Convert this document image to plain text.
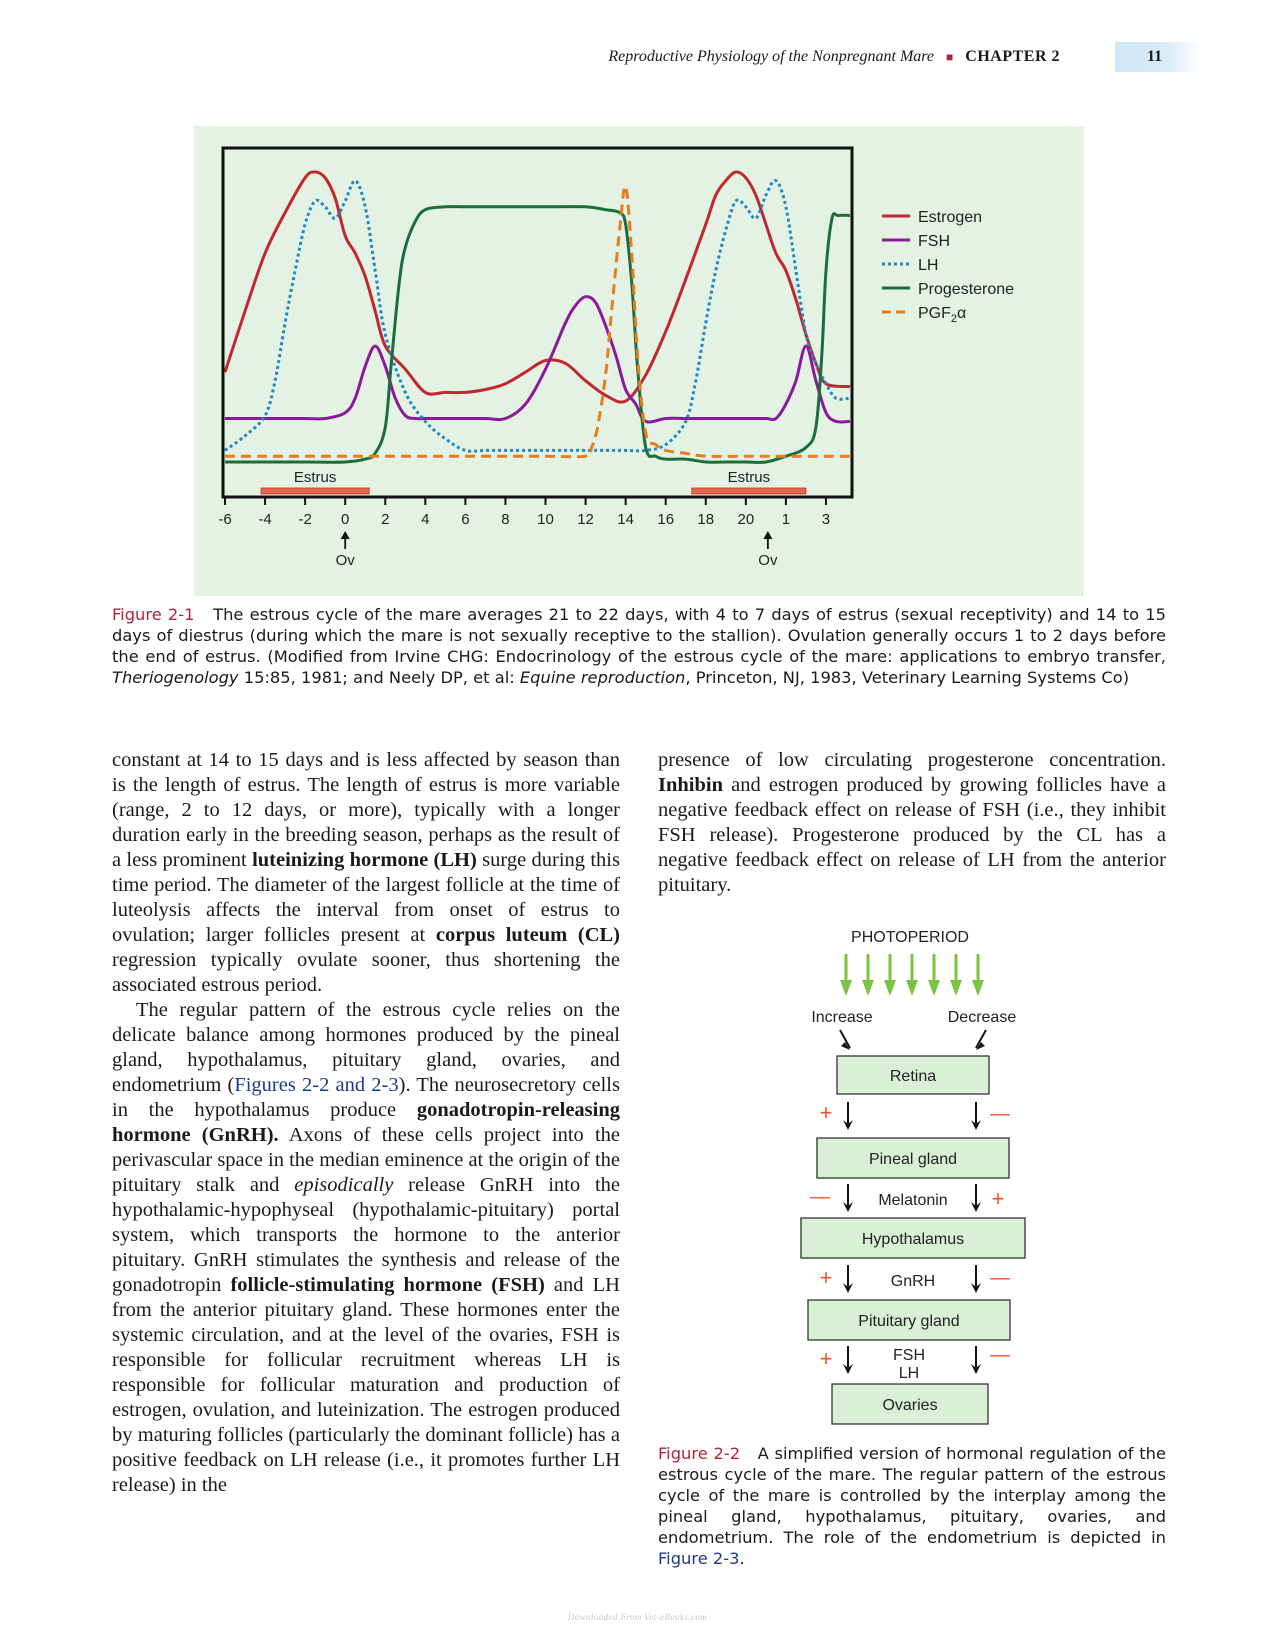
Reproductive Physiology of the Nonpregnant Mare ■ CHAPTER 2	11
-6 -4 -2 0 2 4 6 8 10 12 14 16 18 20 1 3
Estrus	Estrus
Ov	Ov
Estrogen
FSH
LH
Progesterone
$PGF_2\alpha$
Figure 2-1 The estrous cycle of the mare averages 21 to 22 days, with 4 to 7 days of estrus (sexual receptivity) and 14 to 15 days of diestrus (during which the mare is not sexually receptive to the stallion). Ovulation generally occurs 1 to 2 days before the end of estrus. (Modified from Irvine CHG: Endocrinology of the estrous cycle of the mare: applications to embryo transfer, Theriogenology 15:85, 1981; and Neely DP, et al: Equine reproduction, Princeton, NJ, 1983, Veterinary Learning Systems Co)

constant at 14 to 15 days and is less affected by season than is the length of estrus. The length of estrus is more variable (range, 2 to 12 days, or more), typically with a longer duration early in the breeding season, perhaps as the result of a less prominent luteinizing hormone (LH) surge during this time period. The diameter of the largest follicle at the time of luteolysis affects the interval from onset of estrus to ovulation; larger follicles present at corpus luteum (CL) regression typically ovulate sooner, thus shortening the associated estrous period.

The regular pattern of the estrous cycle relies on the delicate balance among hormones produced by the pineal gland, hypothalamus, pituitary gland, ovaries, and endometrium (Figures 2-2 and 2-3). The neurosecretory cells in the hypothalamus produce gonadotropin-releasing hormone (GnRH). Axons of these cells project into the perivascular space in the median eminence at the origin of the pituitary stalk and episodically release GnRH into the hypothalamic-hypophyseal (hypothalamic-pituitary) portal system, which transports the hormone to the anterior pituitary. GnRH stimulates the synthesis and release of the gonadotropin follicle-stimulating hormone (FSH) and LH from the anterior pituitary gland. These hormones enter the systemic circulation, and at the level of the ovaries, FSH is responsible for follicular recruitment whereas LH is responsible for follicular maturation and production of estrogen, ovulation, and luteinization. The estrogen produced by maturing follicles (particularly the dominant follicle) has a positive feedback on LH release (i.e., it promotes further LH release) in the

presence of low circulating progesterone concentration. Inhibin and estrogen produced by growing follicles have a negative feedback effect on release of FSH (i.e., they inhibit FSH release). Progesterone produced by the CL has a negative feedback effect on release of LH from the anterior pituitary.

PHOTOPERIOD
Increase	Decrease
Retina
+	—
Pineal gland
—	Melatonin +
Hypothalamus
+	GnRH	—
Pituitary gland
+	FSH
LH
—
Ovaries
Figure 2-2 A simplified version of hormonal regulation of the estrous cycle of the mare. The regular pattern of the estrous cycle of the mare is controlled by the interplay among the pineal gland, hypothalamus, pituitary, ovaries, and endometrium. The role of the endometrium is depicted in Figure 2-3.
Downloaded From Vet-eBooks.com
